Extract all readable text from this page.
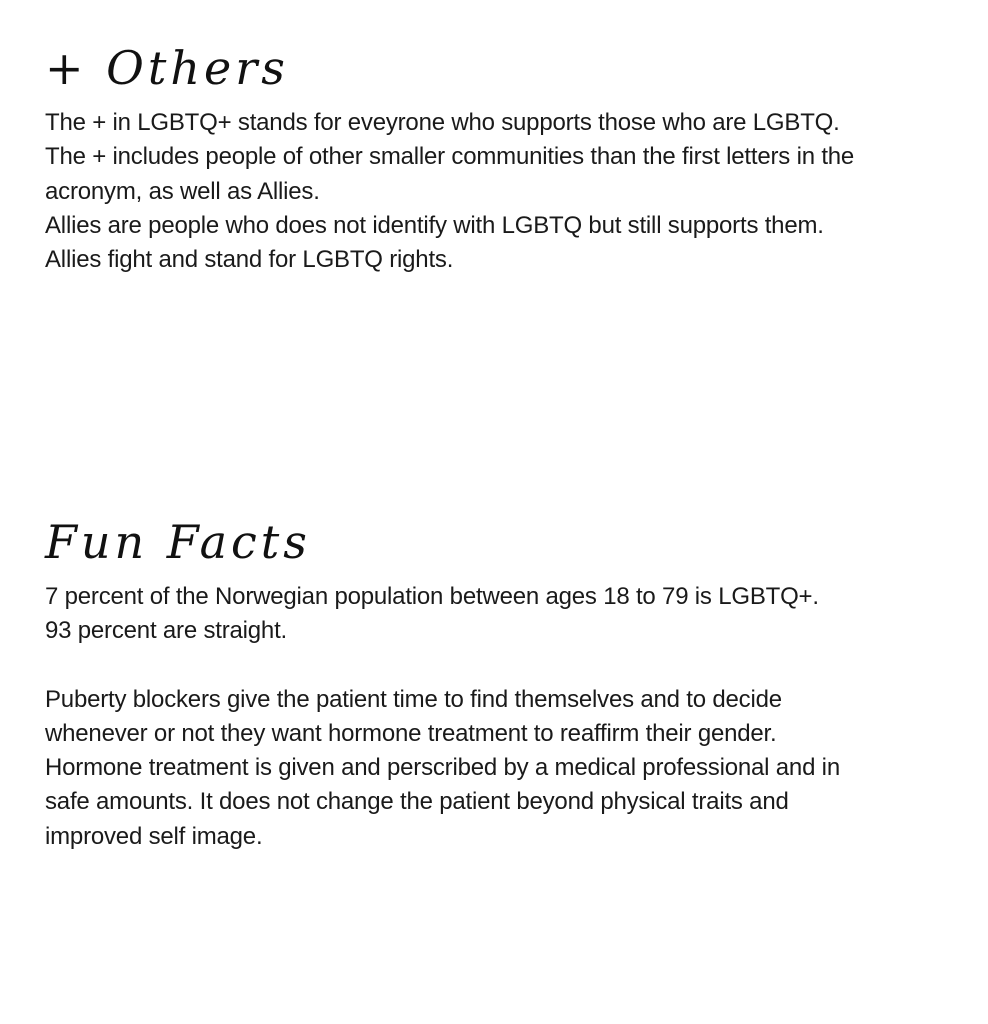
+ Others

The + in LGBTQ+ stands for eveyrone who supports those who are LGBTQ.
The + includes people of other smaller communities than the first letters in the
acronym, as well as Allies.
Allies are people who does not identify with LGBTQ but still supports them.
Allies fight and stand for LGBTQ rights.

Fun Facts

7 percent of the Norwegian population between ages 18 to 79 is LGBTQ+.
93 percent are straight.

Puberty blockers give the patient time to find themselves and to decide
whenever or not they want hormone treatment to reaffirm their gender.
Hormone treatment is given and perscribed by a medical professional and in
safe amounts. It does not change the patient beyond physical traits and
improved self image.
